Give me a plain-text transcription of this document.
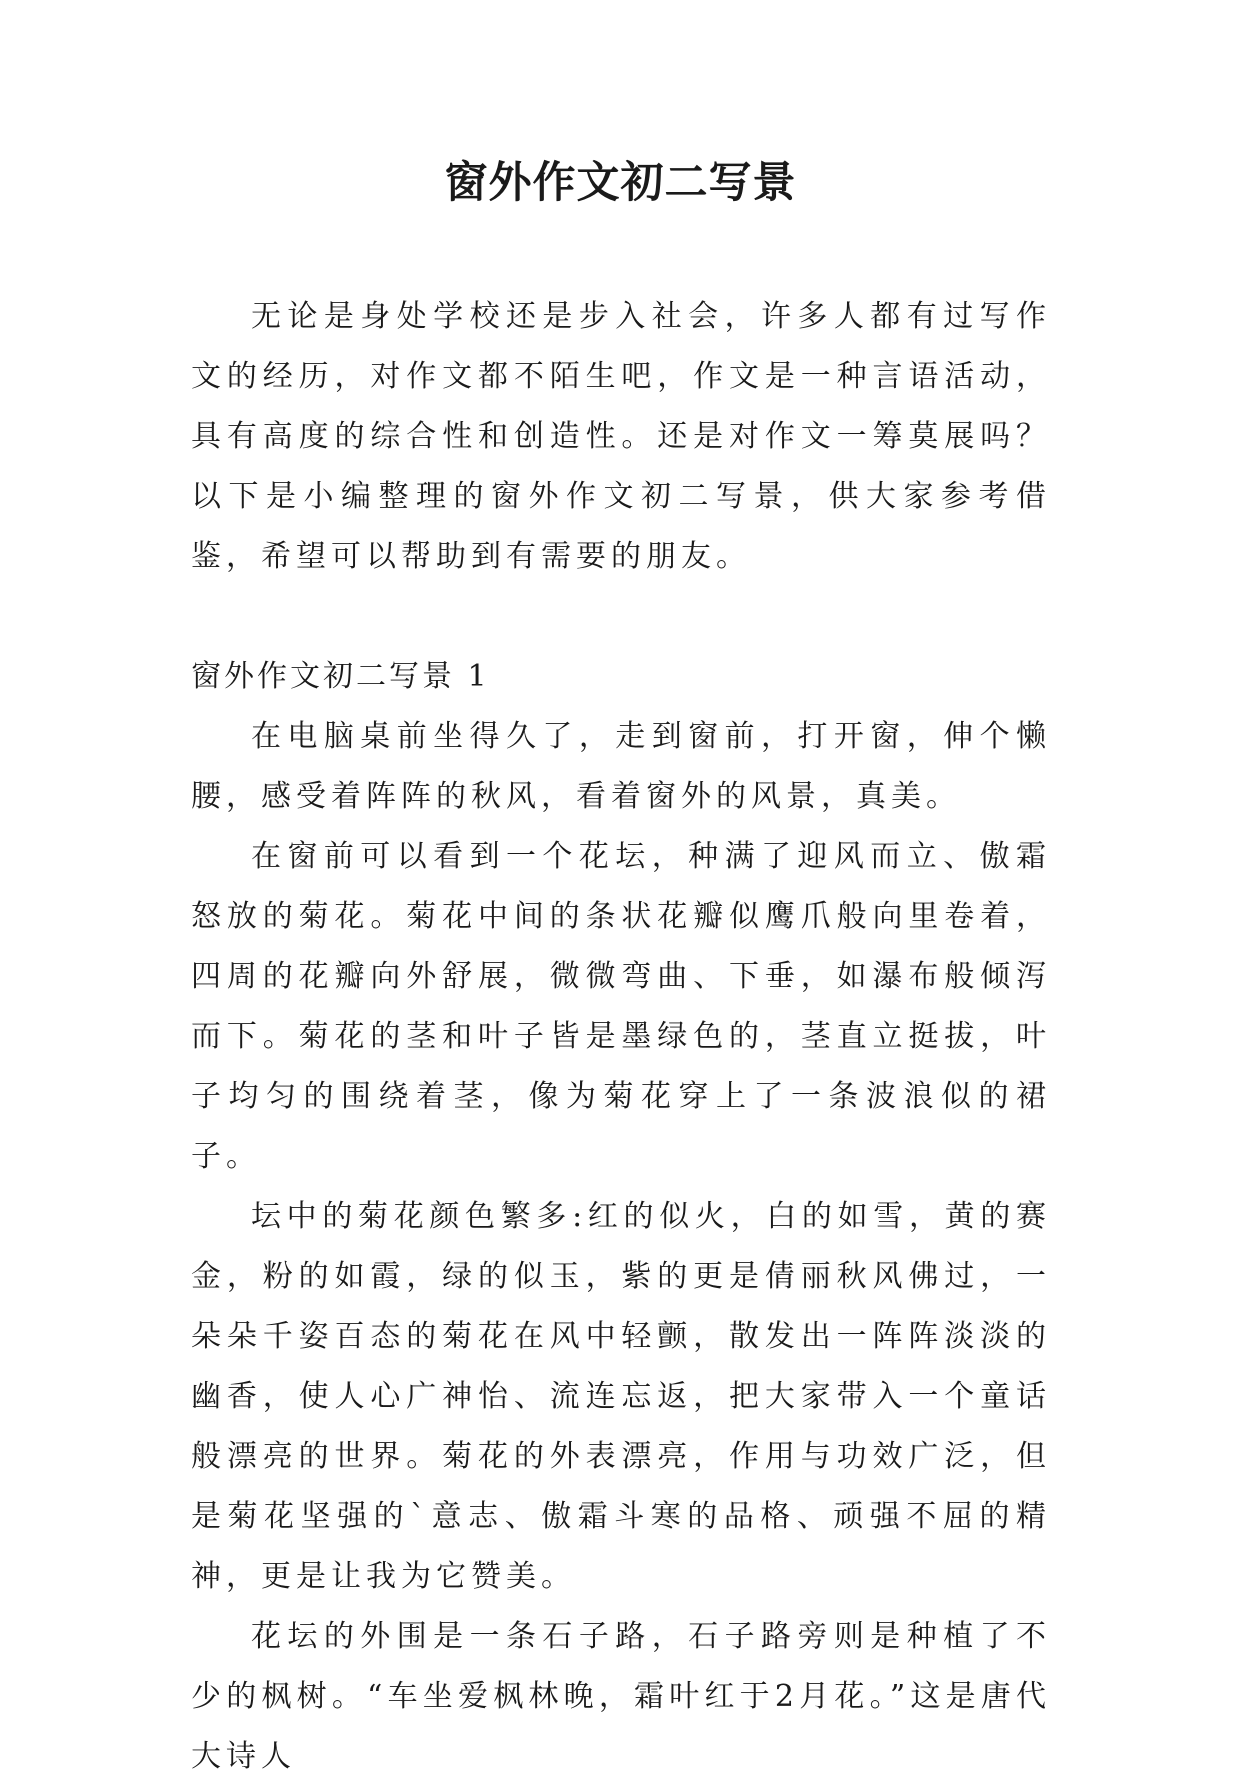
窗外作文初二写景

无论是身处学校还是步入社会，许多人都有过写作文的经历，对作文都不陌生吧，作文是一种言语活动，具有高度的综合性和创造性。还是对作文一筹莫展吗？以下是小编整理的窗外作文初二写景，供大家参考借鉴，希望可以帮助到有需要的朋友。

窗外作文初二写景 1

在电脑桌前坐得久了，走到窗前，打开窗，伸个懒腰，感受着阵阵的秋风，看着窗外的风景，真美。

在窗前可以看到一个花坛，种满了迎风而立、傲霜怒放的菊花。菊花中间的条状花瓣似鹰爪般向里卷着，四周的花瓣向外舒展，微微弯曲、下垂，如瀑布般倾泻而下。菊花的茎和叶子皆是墨绿色的，茎直立挺拔，叶子均匀的围绕着茎，像为菊花穿上了一条波浪似的裙子。

坛中的菊花颜色繁多:红的似火，白的如雪，黄的赛金，粉的如霞，绿的似玉，紫的更是倩丽秋风佛过，一朵朵千姿百态的菊花在风中轻颤，散发出一阵阵淡淡的幽香，使人心广神怡、流连忘返，把大家带入一个童话般漂亮的世界。菊花的外表漂亮，作用与功效广泛，但是菊花坚强的`意志、傲霜斗寒的品格、顽强不屈的精神，更是让我为它赞美。

花坛的外围是一条石子路，石子路旁则是种植了不少的枫树。“车坐爱枫林晚，霜叶红于2月花。”这是唐代大诗人
